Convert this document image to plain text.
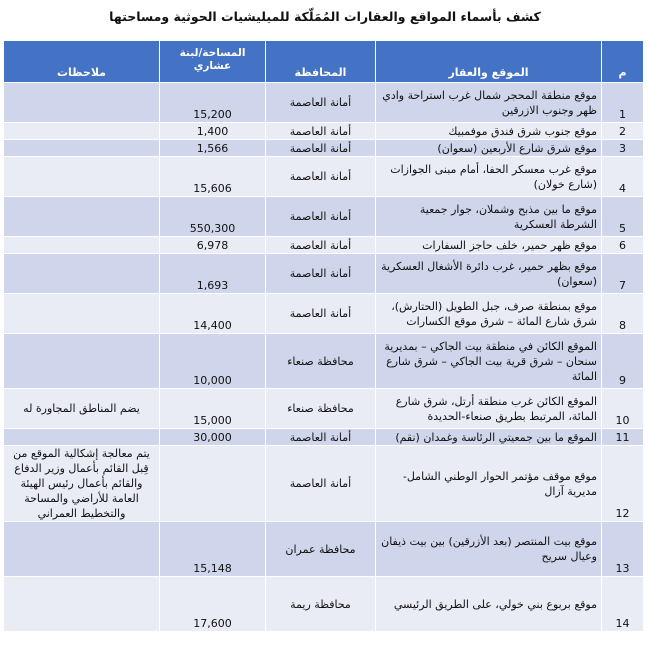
كشف بأسماء المواقع والعقارات المُمَلّكة للميليشيات الحوثية ومساحتها
م	الموقع والعقار	المحافظة	المساحة/لبنة عشاري	ملاحظات
1	موقع منطقة المحجر شمال غرب استراحة وادي ظهر وجنوب الازرقين	أمانة العاصمة	15,200	
2	موقع جنوب شرق فندق موفمبيك	أمانة العاصمة	1,400	
3	موقع شرق شارع الأربعين (سعوان)	أمانة العاصمة	1,566	
4	موقع غرب معسكر الحفا، أمام مبنى الجوازات (شارع خولان)	أمانة العاصمة	15,606	
5	موقع ما بين مذبح وشملان، جوار جمعية الشرطة العسكرية	أمانة العاصمة	550,300	
6	موقع ظهر حمير، خلف حاجز السفارات	أمانة العاصمة	6,978	
7	موقع بظهر حمير، غرب دائرة الأشغال العسكرية (سعوان)	أمانة العاصمة	1,693	
8	موقع بمنطقة صرف، جبل الطويل (الحتارش)، شرق شارع المائة – شرق موقع الكسارات	أمانة العاصمة	14,400	
9	الموقع الكائن في منطقة بيت الجاكي – بمديرية سنحان – شرق قرية بيت الجاكي – شرق شارع المائة	محافظة صنعاء	10,000	
10	الموقع الكائن غرب منطقة أرتل، شرق شارع المائة، المرتبط بطريق صنعاء-الحديدة	محافظة صنعاء	15,000	يضم المناطق المجاورة له
11	الموقع ما بين جمعيتي الرئاسة وغمدان (نقم)	أمانة العاصمة	30,000	
12	موقع موقف مؤتمر الحوار الوطني الشامل- مديرية آزال	أمانة العاصمة		يتم معالجة إشكالية الموقع من قِبل القائم بأعمال وزير الدفاع والقائم بأعمال رئيس الهيئة العامة للأراضي والمساحة والتخطيط العمراني
13	موقع بيت المنتصر (بعد الأزرقين) بين بيت ذيفان وعيال سريح	محافظة عمران	15,148	
14	موقع بربوع بني خولي، على الطريق الرئيسي	محافظة ريمة	17,600	
